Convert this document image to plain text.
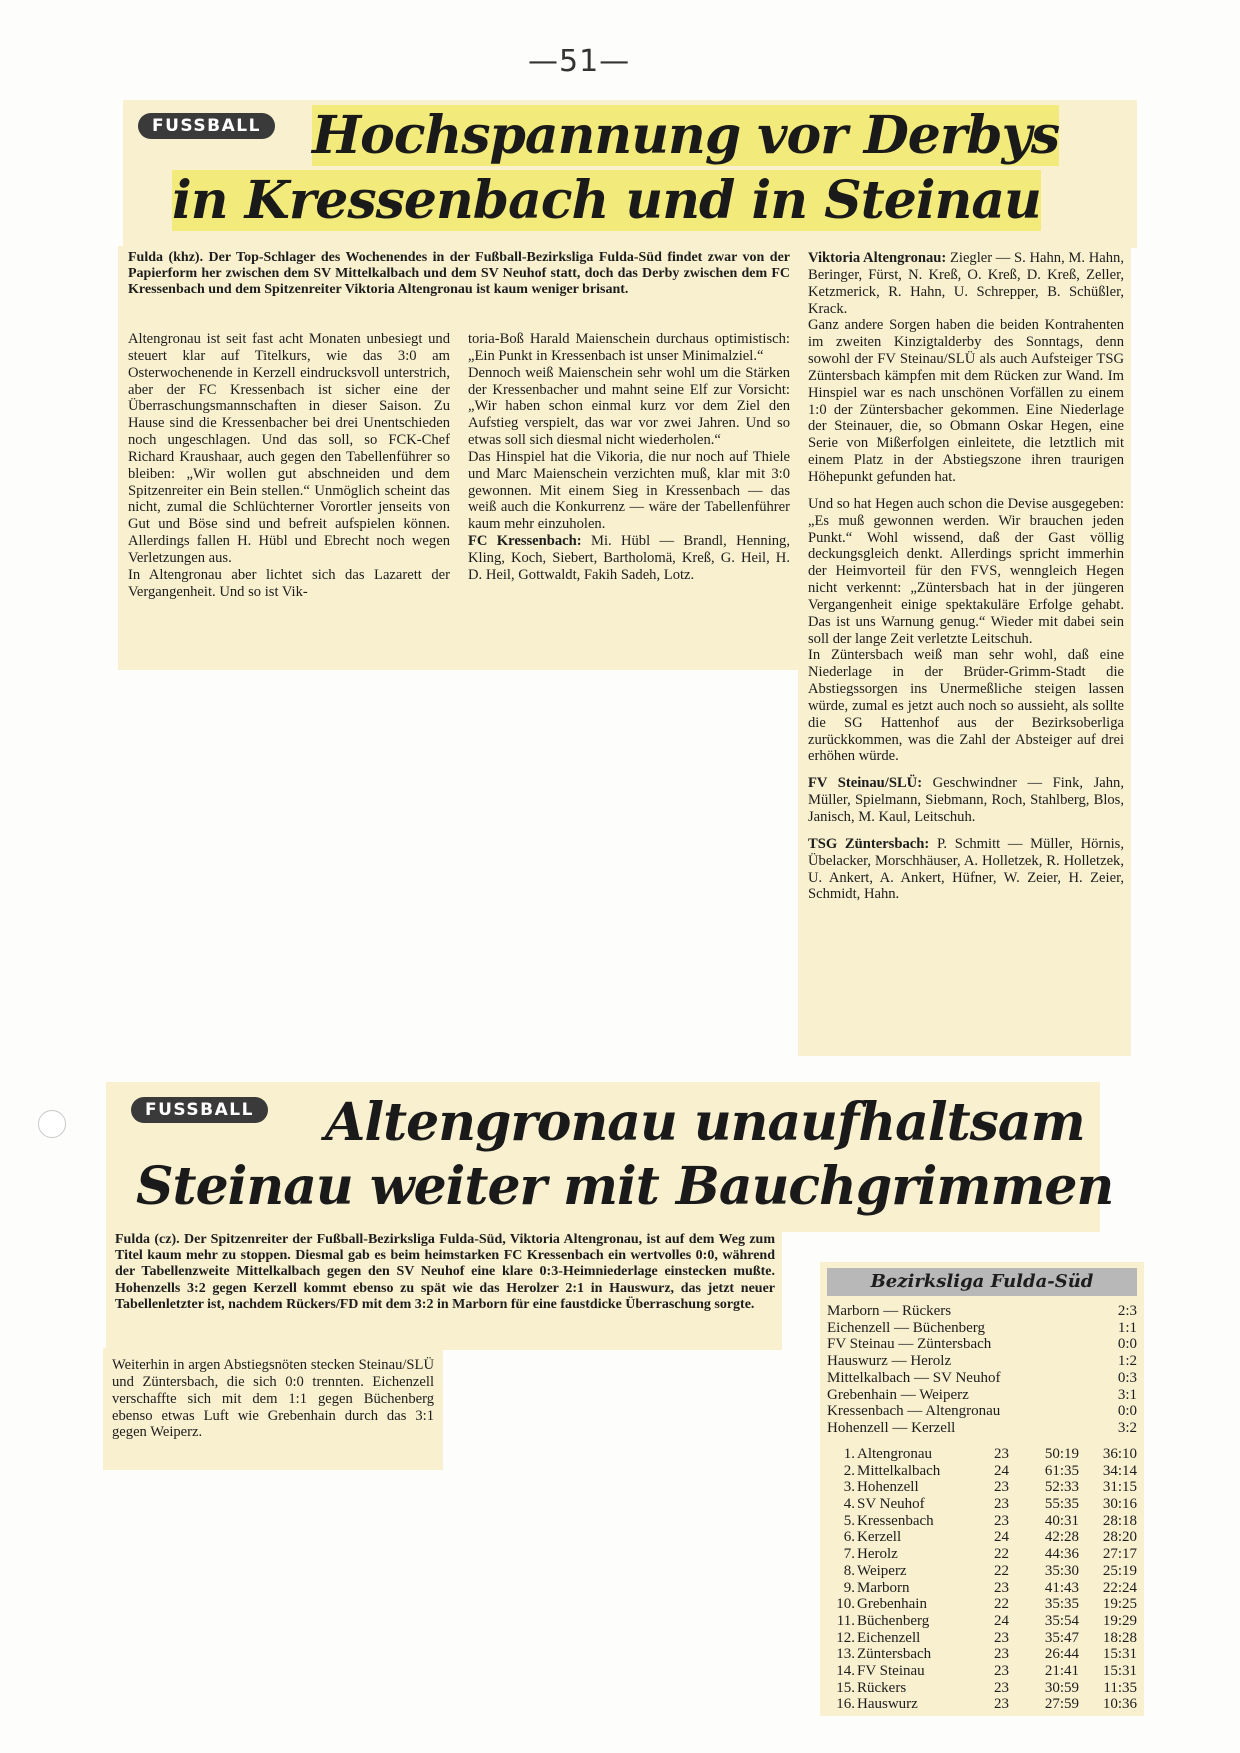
—51—
FUSSBALL Hochspannung vor Derbys
in Kressenbach und in Steinau
Fulda (khz). Der Top-Schlager des Wochenendes in der Fußball-Bezirksliga Fulda-Süd findet zwar von der Papierform her zwischen dem SV Mittelkalbach und dem SV Neuhof statt, doch das Derby zwischen dem FC Kressenbach und dem Spitzenreiter Viktoria Altengronau ist kaum weniger brisant.

Altengronau ist seit fast acht Monaten unbesiegt und steuert klar auf Titelkurs, wie das 3:0 am Osterwochenende in Kerzell eindrucksvoll unterstrich, aber der FC Kressenbach ist sicher eine der Überraschungsmannschaften in dieser Saison. Zu Hause sind die Kressenbacher bei drei Unentschieden noch ungeschlagen. Und das soll, so FCK-Chef Richard Kraushaar, auch gegen den Tabellenführer so bleiben: „Wir wollen gut abschneiden und dem Spitzenreiter ein Bein stellen.“ Unmöglich scheint das nicht, zumal die Schlüchterner Vorortler jenseits von Gut und Böse sind und befreit aufspielen können. Allerdings fallen H. Hübl und Ebrecht noch wegen Verletzungen aus.

In Altengronau aber lichtet sich das Lazarett der Vergangenheit. Und so ist Vik-

toria-Boß Harald Maienschein durchaus optimistisch: „Ein Punkt in Kressenbach ist unser Minimalziel.“

Dennoch weiß Maienschein sehr wohl um die Stärken der Kressenbacher und mahnt seine Elf zur Vorsicht: „Wir haben schon einmal kurz vor dem Ziel den Aufstieg verspielt, das war vor zwei Jahren. Und so etwas soll sich diesmal nicht wiederholen.“

Das Hinspiel hat die Vikoria, die nur noch auf Thiele und Marc Maienschein verzichten muß, klar mit 3:0 gewonnen. Mit einem Sieg in Kressenbach — das weiß auch die Konkurrenz — wäre der Tabellenführer kaum mehr einzuholen.

FC Kressenbach: Mi. Hübl — Brandl, Henning, Kling, Koch, Siebert, Bartholomä, Kreß, G. Heil, H. D. Heil, Gottwaldt, Fakih Sadeh, Lotz.

Viktoria Altengronau: Ziegler — S. Hahn, M. Hahn, Beringer, Fürst, N. Kreß, O. Kreß, D. Kreß, Zeller, Ketzmerick, R. Hahn, U. Schrepper, B. Schüßler, Krack.

Ganz andere Sorgen haben die beiden Kontrahenten im zweiten Kinzigtalderby des Sonntags, denn sowohl der FV Steinau/SLÜ als auch Aufsteiger TSG Züntersbach kämpfen mit dem Rücken zur Wand. Im Hinspiel war es nach unschönen Vorfällen zu einem 1:0 der Züntersbacher gekommen. Eine Niederlage der Steinauer, die, so Obmann Oskar Hegen, eine Serie von Mißerfolgen einleitete, die letztlich mit einem Platz in der Abstiegszone ihren traurigen Höhepunkt gefunden hat.

Und so hat Hegen auch schon die Devise ausgegeben: „Es muß gewonnen werden. Wir brauchen jeden Punkt.“ Wohl wissend, daß der Gast völlig deckungsgleich denkt. Allerdings spricht immerhin der Heimvorteil für den FVS, wenngleich Hegen nicht verkennt: „Züntersbach hat in der jüngeren Vergangenheit einige spektakuläre Erfolge gehabt. Das ist uns Warnung genug.“ Wieder mit dabei sein soll der lange Zeit verletzte Leitschuh.

In Züntersbach weiß man sehr wohl, daß eine Niederlage in der Brüder-Grimm-Stadt die Abstiegssorgen ins Unermeßliche steigen lassen würde, zumal es jetzt auch noch so aussieht, als sollte die SG Hattenhof aus der Bezirksoberliga zurückkommen, was die Zahl der Absteiger auf drei erhöhen würde.

FV Steinau/SLÜ: Geschwindner — Fink, Jahn, Müller, Spielmann, Siebmann, Roch, Stahlberg, Blos, Janisch, M. Kaul, Leitschuh.

TSG Züntersbach: P. Schmitt — Müller, Hörnis, Übelacker, Morschhäuser, A. Holletzek, R. Holletzek, U. Ankert, A. Ankert, Hüfner, W. Zeier, H. Zeier, Schmidt, Hahn.

FUSSBALL Altengronau unaufhaltsam
Steinau weiter mit Bauchgrimmen
Fulda (cz). Der Spitzenreiter der Fußball-Bezirksliga Fulda-Süd, Viktoria Altengronau, ist auf dem Weg zum Titel kaum mehr zu stoppen. Diesmal gab es beim heimstarken FC Kressenbach ein wertvolles 0:0, während der Tabellenzweite Mittelkalbach gegen den SV Neuhof eine klare 0:3-Heimniederlage einstecken mußte. Hohenzells 3:2 gegen Kerzell kommt ebenso zu spät wie das Herolzer 2:1 in Hauswurz, das jetzt neuer Tabellenletzter ist, nachdem Rückers/FD mit dem 3:2 in Marborn für eine faustdicke Überraschung sorgte.
Weiterhin in argen Abstiegsnöten stecken Steinau/SLÜ und Züntersbach, die sich 0:0 trennten. Eichenzell verschaffte sich mit dem 1:1 gegen Büchenberg ebenso etwas Luft wie Grebenhain durch das 3:1 gegen Weiperz.
Bezirksliga Fulda-Süd
Marborn — Rückers	2:3
Eichenzell — Büchenberg	1:1
FV Steinau — Züntersbach	0:0
Hauswurz — Herolz	1:2
Mittelkalbach — SV Neuhof	0:3
Grebenhain — Weiperz	3:1
Kressenbach — Altengronau	0:0
Hohenzell — Kerzell	3:2
1. Altengronau	23 50:19 36:10
2. Mittelkalbach	24 61:35 34:14
3. Hohenzell	23 52:33 31:15
4. SV Neuhof	23 55:35 30:16
5. Kressenbach	23 40:31 28:18
6. Kerzell	24 42:28 28:20
7. Herolz	22 44:36 27:17
8. Weiperz	22 35:30 25:19
9. Marborn	23 41:43 22:24
10. Grebenhain	22 35:35 19:25
11. Büchenberg	24 35:54 19:29
12. Eichenzell	23 35:47 18:28
13. Züntersbach	23 26:44 15:31
14. FV Steinau	23 21:41 15:31
15. Rückers	23 30:59 11:35
16. Hauswurz	23 27:59 10:36
